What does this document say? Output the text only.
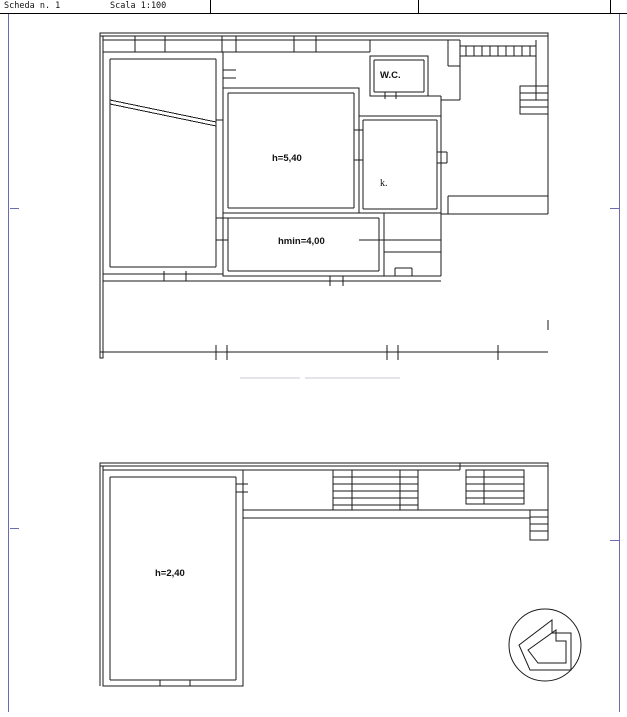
Scheda n. 1	Scala 1:100
h=5,40
W.C.
k.
hmin=4,00
h=2,40
